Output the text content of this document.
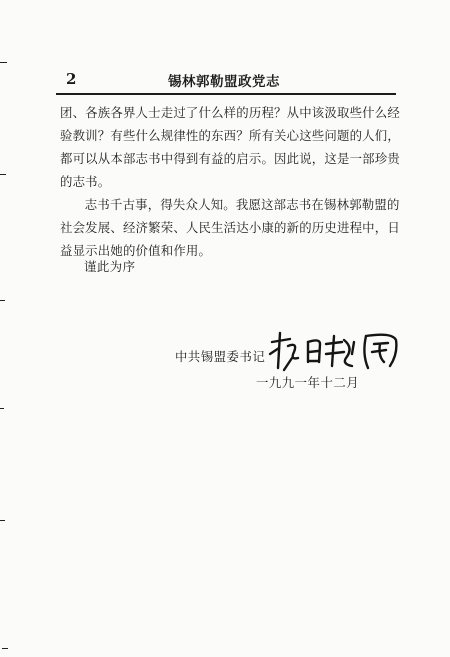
2	锡林郭勒盟政党志

团、各族各界人士走过了什么样的历程？从中该汲取些什么经验教训？有些什么规律性的东西？所有关心这些问题的人们，都可以从本部志书中得到有益的启示。因此说，这是一部珍贵的志书。

志书千古事，得失众人知。我愿这部志书在锡林郭勒盟的社会发展、经济繁荣、人民生活达小康的新的历史进程中，日益显示出她的价值和作用。

谨此为序
中共锡盟委书记
一九九一年十二月
